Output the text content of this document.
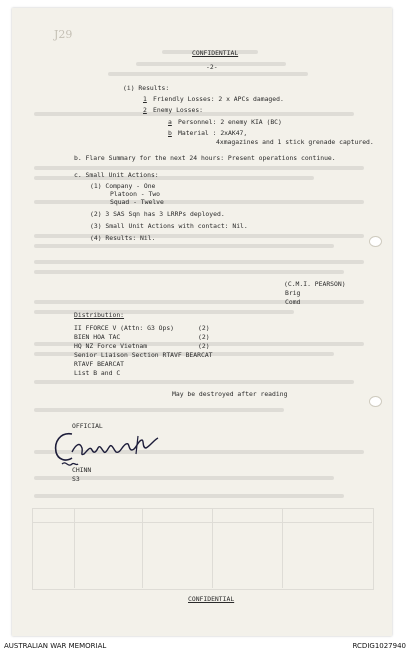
J29
CONFIDENTIAL
-2-
(i) Results:
1 Friendly Losses: 2 x APCs damaged.
2 Enemy Losses:
a Personnel: 2 enemy KIA (BC)
b Material : 2xAK47,
4xmagazines and 1 stick grenade captured.
b. Flare Summary for the next 24 hours: Present operations continue.
c. Small Unit Actions:
(1) Company - One
Platoon - Two
Squad - Twelve
(2) 3 SAS Sqn has 3 LRRPs deployed.
(3) Small Unit Actions with contact: Nil.
(4) Results: Nil.
(C.M.I. PEARSON)
Brig
Comd
Distribution:
II FFORCE V (Attn: G3 Ops)	(2)
BIEN HOA TAC	(2)
HQ NZ Force Vietnam	(2)
Senior Liaison Section RTAVF BEARCAT
RTAVF BEARCAT
List B and C
May be destroyed after reading
OFFICIAL
CHINN
S3
CONFIDENTIAL
AUSTRALIAN WAR MEMORIAL	RCDIG1027940
